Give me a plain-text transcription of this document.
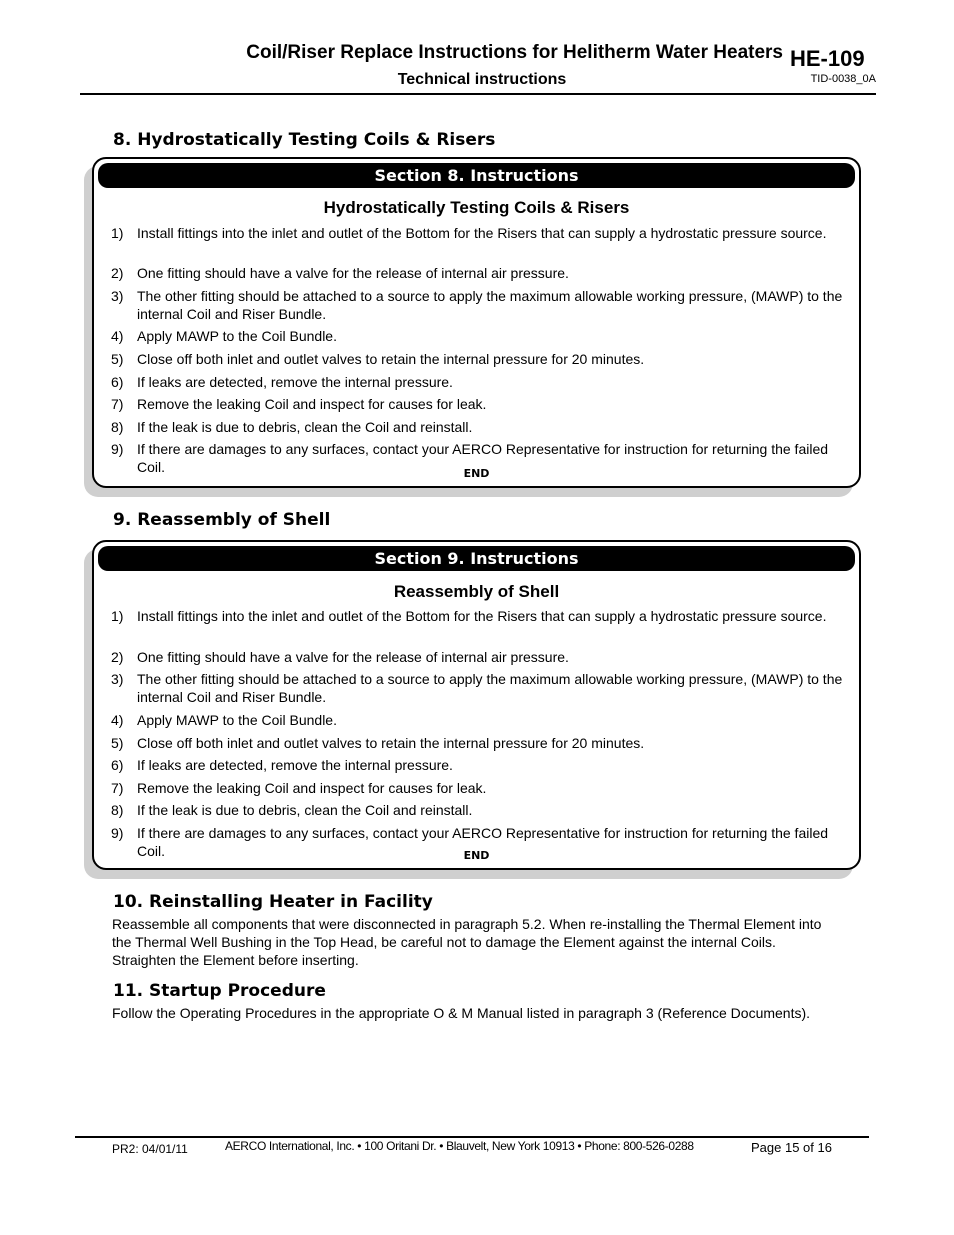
Coil/Riser Replace Instructions for Helitherm Water Heaters HE-109
Technical instructions	TID-0038_0A
8. Hydrostatically Testing Coils & Risers
Section 8. Instructions
Hydrostatically Testing Coils & Risers
1) Install fittings into the inlet and outlet of the Bottom for the Risers that can supply a hydrostatic pressure source.
2) One fitting should have a valve for the release of internal air pressure.
3) The other fitting should be attached to a source to apply the maximum allowable working pressure, (MAWP) to the internal Coil and Riser Bundle.
4) Apply MAWP to the Coil Bundle.
5) Close off both inlet and outlet valves to retain the internal pressure for 20 minutes.
6) If leaks are detected, remove the internal pressure.
7) Remove the leaking Coil and inspect for causes for leak.
8) If the leak is due to debris, clean the Coil and reinstall.
9) If there are damages to any surfaces, contact your AERCO Representative for instruction for returning the failed Coil.	END
9. Reassembly of Shell
Section 9. Instructions
Reassembly of Shell
1) Install fittings into the inlet and outlet of the Bottom for the Risers that can supply a hydrostatic pressure source.
2) One fitting should have a valve for the release of internal air pressure.
3) The other fitting should be attached to a source to apply the maximum allowable working pressure, (MAWP) to the internal Coil and Riser Bundle.
4) Apply MAWP to the Coil Bundle.
5) Close off both inlet and outlet valves to retain the internal pressure for 20 minutes.
6) If leaks are detected, remove the internal pressure.
7) Remove the leaking Coil and inspect for causes for leak.
8) If the leak is due to debris, clean the Coil and reinstall.
9) If there are damages to any surfaces, contact your AERCO Representative for instruction for returning the failed Coil.	END
10. Reinstalling Heater in Facility
Reassemble all components that were disconnected in paragraph 5.2. When re-installing the Thermal Element into the Thermal Well Bushing in the Top Head, be careful not to damage the Element against the internal Coils. Straighten the Element before inserting.
11. Startup Procedure
Follow the Operating Procedures in the appropriate O & M Manual listed in paragraph 3 (Reference Documents).
PR2: 04/01/11	AERCO International, Inc. • 100 Oritani Dr. • Blauvelt, New York 10913 • Phone: 800-526-0288	Page 15 of 16
